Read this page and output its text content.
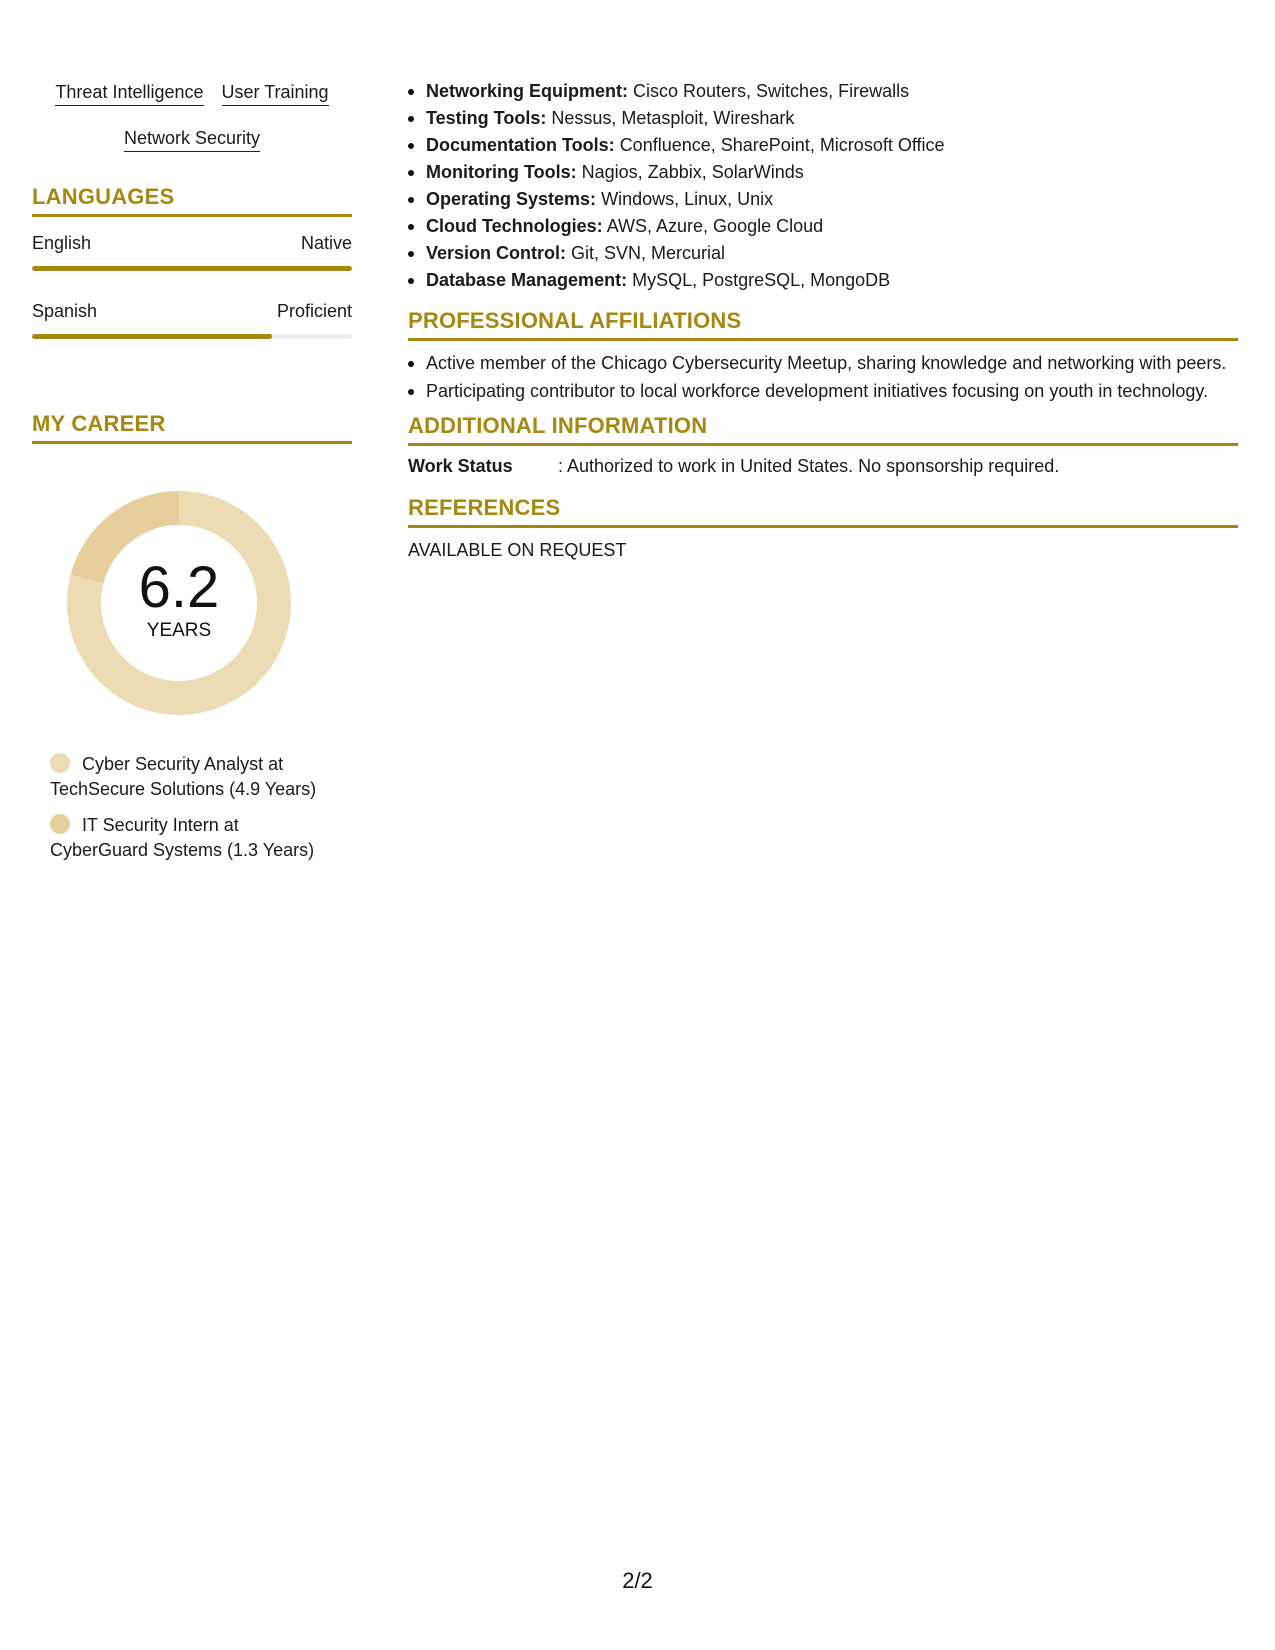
Threat Intelligence User Training
Network Security
LANGUAGES
English	Native
Spanish	Proficient
MY CAREER
6.2
YEARS
Cyber Security Analyst at TechSecure Solutions (4.9 Years)
IT Security Intern at CyberGuard Systems (1.3 Years)
Networking Equipment: Cisco Routers, Switches, Firewalls
Testing Tools: Nessus, Metasploit, Wireshark
Documentation Tools: Confluence, SharePoint, Microsoft Office
Monitoring Tools: Nagios, Zabbix, SolarWinds
Operating Systems: Windows, Linux, Unix
Cloud Technologies: AWS, Azure, Google Cloud
Version Control: Git, SVN, Mercurial
Database Management: MySQL, PostgreSQL, MongoDB
PROFESSIONAL AFFILIATIONS
Active member of the Chicago Cybersecurity Meetup, sharing knowledge and networking with peers.
Participating contributor to local workforce development initiatives focusing on youth in technology.
ADDITIONAL INFORMATION
Work Status	: Authorized to work in United States. No sponsorship required.
REFERENCES
AVAILABLE ON REQUEST
2/2
